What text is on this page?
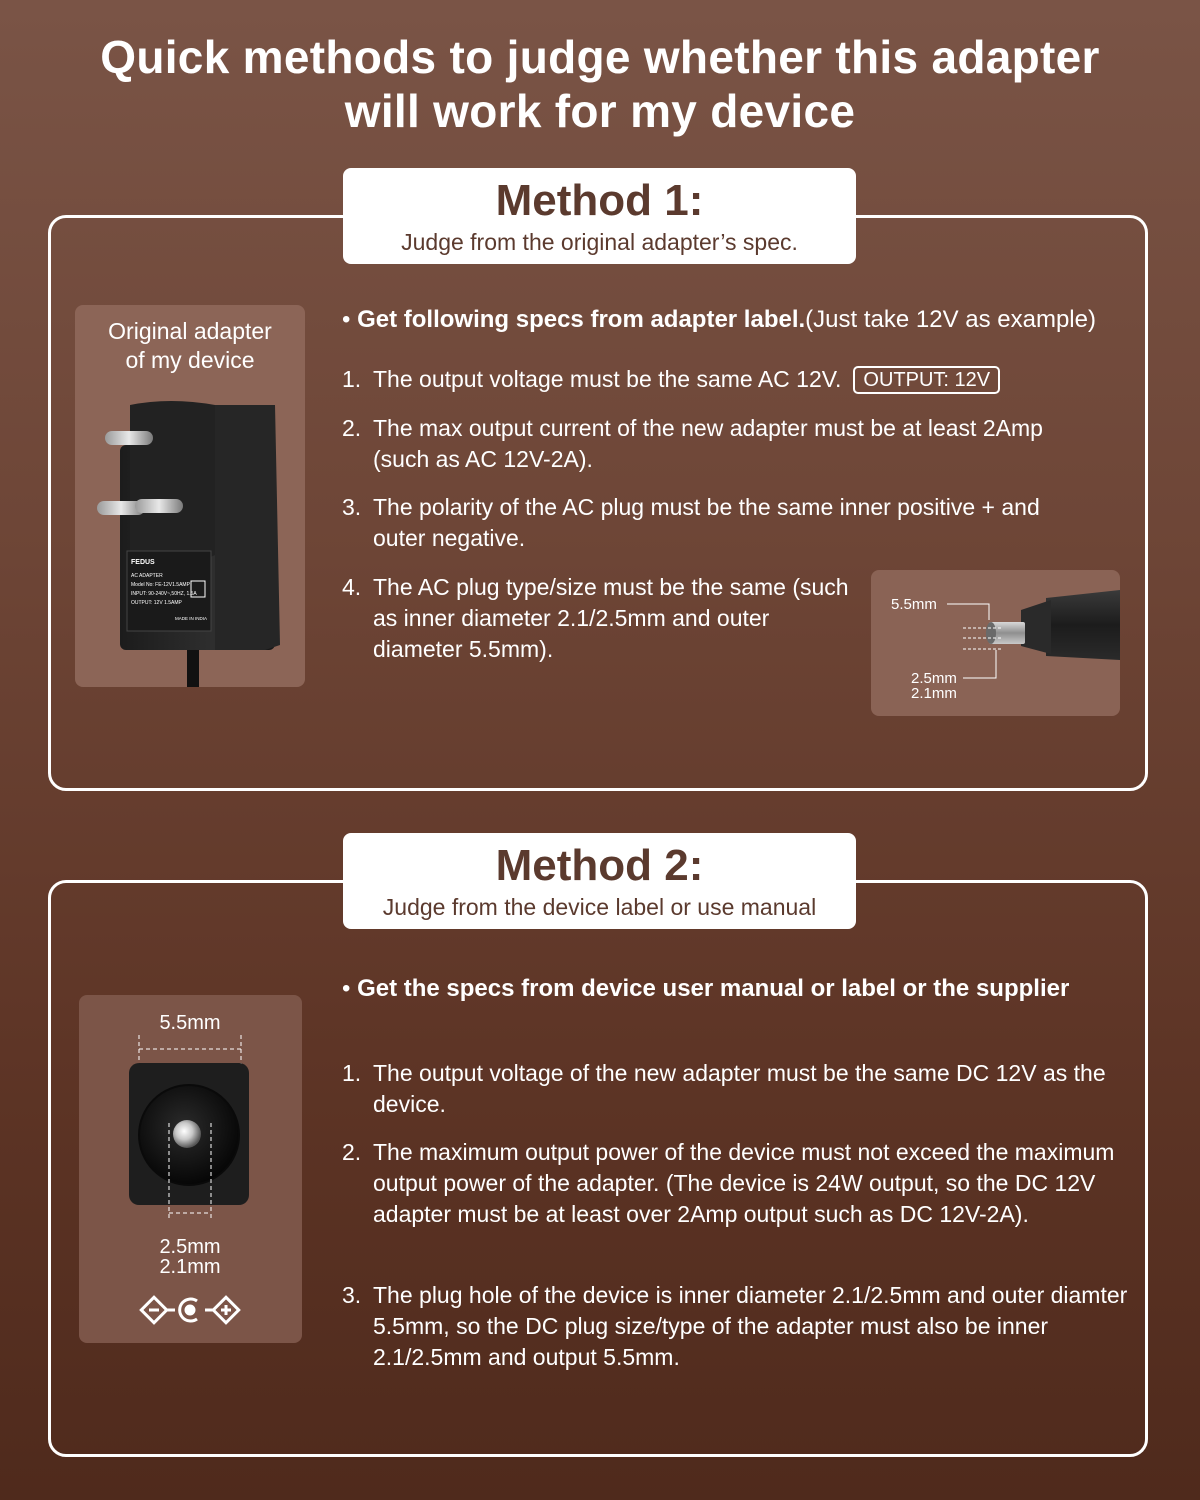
Quick methods to judge whether this adapter
will work for my device
Method 1:
Judge from the original adapter’s spec.
Original adapter
of my device
FEDUS
AC ADAPTER
Model No: FE-12V1.5AMP
INPUT: 90-240V~,50HZ, 1.5A
OUTPUT: 12V 1.5AMP
MADE IN INDIA

• Get following specs from adapter label.(Just take 12V as example)

1. The output voltage must be the same AC 12V. OUTPUT: 12V
2. The max output current of the new adapter must be at least 2Amp (such as AC 12V-2A).
3. The polarity of the AC plug must be the same inner positive + and outer negative.
4. The AC plug type/size must be the same (such as inner diameter 2.1/2.5mm and outer diameter 5.5mm).
5.5mm
2.5mm
2.1mm
Method 2:
Judge from the device label or use manual
5.5mm
2.5mm
2.1mm

• Get the specs from device user manual or label or the supplier

1. The output voltage of the new adapter must be the same DC 12V as the device.
2. The maximum output power of the device must not exceed the maximum output power of the adapter. (The device is 24W output, so the DC 12V adapter must be at least over 2Amp output such as DC 12V-2A).
3. The plug hole of the device is inner diameter 2.1/2.5mm and outer diamter 5.5mm, so the DC plug size/type of the adapter must also be inner 2.1/2.5mm and output 5.5mm.
